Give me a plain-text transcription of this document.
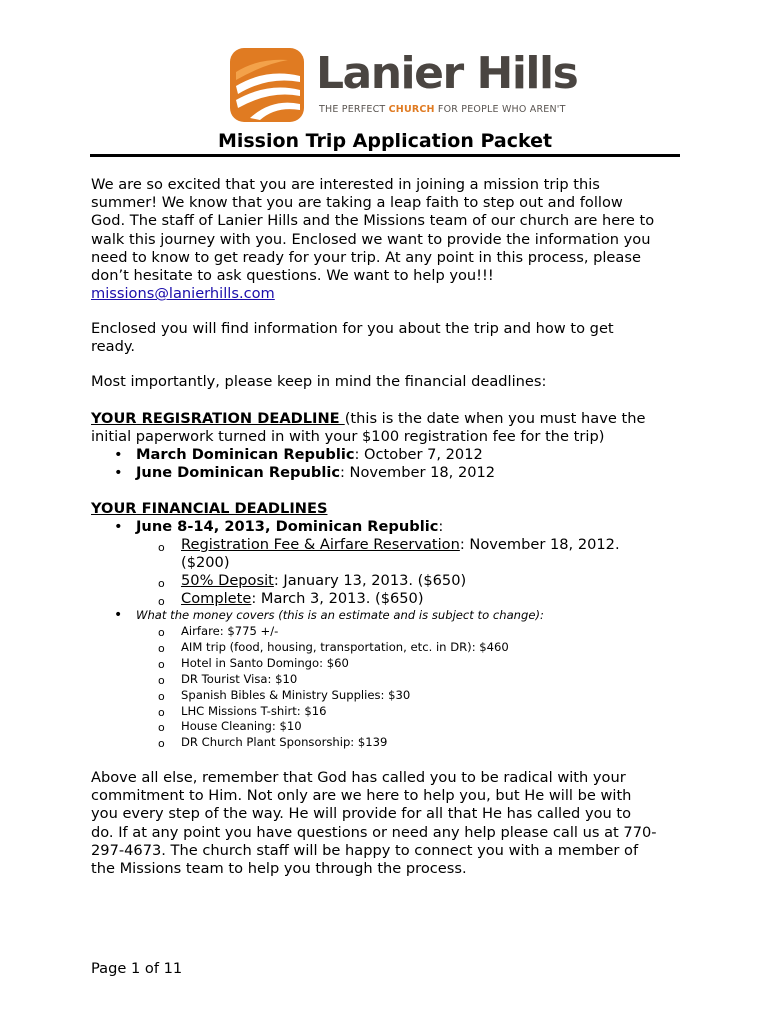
Lanier Hills
THE PERFECT CHURCH FOR PEOPLE WHO AREN'T
Mission Trip Application Packet
We are so excited that you are interested in joining a mission trip this
summer! We know that you are taking a leap faith to step out and follow
God. The staff of Lanier Hills and the Missions team of our church are here to
walk this journey with you. Enclosed we want to provide the information you
need to know to get ready for your trip. At any point in this process, please
don’t hesitate to ask questions. We want to help you!!!
missions@lanierhills.com
Enclosed you will find information for you about the trip and how to get
ready.
Most importantly, please keep in mind the financial deadlines:
YOUR REGISRATION DEADLINE (this is the date when you must have the
initial paperwork turned in with your $100 registration fee for the trip)
• March Dominican Republic: October 7, 2012
• June Dominican Republic: November 18, 2012
YOUR FINANCIAL DEADLINES
• June 8-14, 2013, Dominican Republic:
o Registration Fee & Airfare Reservation: November 18, 2012.
($200)
o 50% Deposit: January 13, 2013. ($650)
o Complete: March 3, 2013. ($650)
• What the money covers (this is an estimate and is subject to change):
o Airfare: $775 +/-
o AIM trip (food, housing, transportation, etc. in DR): $460
o Hotel in Santo Domingo: $60
o DR Tourist Visa: $10
o Spanish Bibles & Ministry Supplies: $30
o LHC Missions T-shirt: $16
o House Cleaning: $10
o DR Church Plant Sponsorship: $139
Above all else, remember that God has called you to be radical with your
commitment to Him. Not only are we here to help you, but He will be with
you every step of the way. He will provide for all that He has called you to
do. If at any point you have questions or need any help please call us at 770-
297-4673. The church staff will be happy to connect you with a member of
the Missions team to help you through the process.
Page 1 of 11
